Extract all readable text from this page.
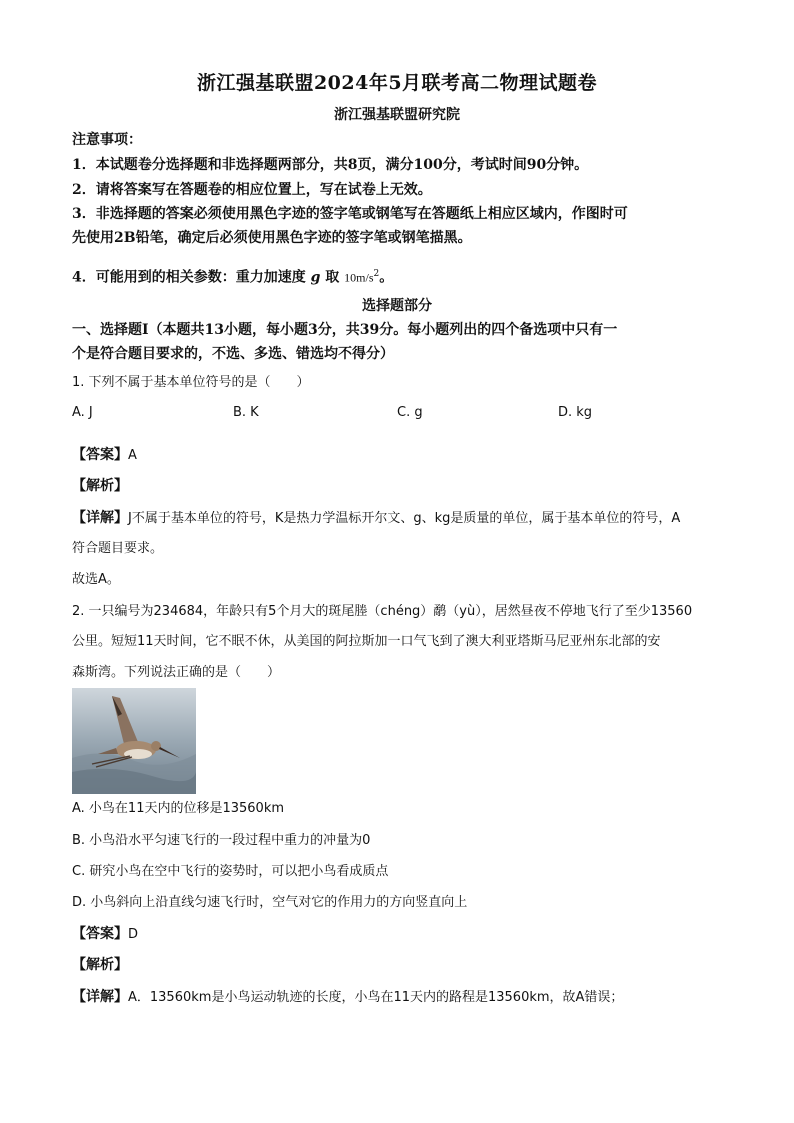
浙江强基联盟2024年5月联考高二物理试题卷
浙江强基联盟研究院
注意事项：
1．本试题卷分选择题和非选择题两部分，共8页，满分100分，考试时间90分钟。
2．请将答案写在答题卷的相应位置上，写在试卷上无效。
3．非选择题的答案必须使用黑色字迹的签字笔或钢笔写在答题纸上相应区域内，作图时可
先使用2B铅笔，确定后必须使用黑色字迹的签字笔或钢笔描黑。
4．可能用到的相关参数：重力加速度 g 取 $10m/s^2$。
选择题部分
一、选择题Ⅰ（本题共13小题，每小题3分，共39分。每小题列出的四个备选项中只有一
个是符合题目要求的，不选、多选、错选均不得分）
1. 下列不属于基本单位符号的是（　　）
A. J	B. K	C. g	D. kg
【答案】A
【解析】
【详解】J不属于基本单位的符号，K是热力学温标开尔文、g、kg是质量的单位，属于基本单位的符号，A
符合题目要求。
故选A。
2. 一只编号为234684，年龄只有5个月大的斑尾塍（chéng）鹬（yù），居然昼夜不停地飞行了至少13560
公里。短短11天时间，它不眠不休，从美国的阿拉斯加一口气飞到了澳大利亚塔斯马尼亚州东北部的安
森斯湾。下列说法正确的是（　　）
A. 小鸟在11天内的位移是13560km
B. 小鸟沿水平匀速飞行的一段过程中重力的冲量为0
C. 研究小鸟在空中飞行的姿势时，可以把小鸟看成质点
D. 小鸟斜向上沿直线匀速飞行时，空气对它的作用力的方向竖直向上
【答案】D
【解析】
【详解】A．13560km是小鸟运动轨迹的长度，小鸟在11天内的路程是13560km，故A错误；
